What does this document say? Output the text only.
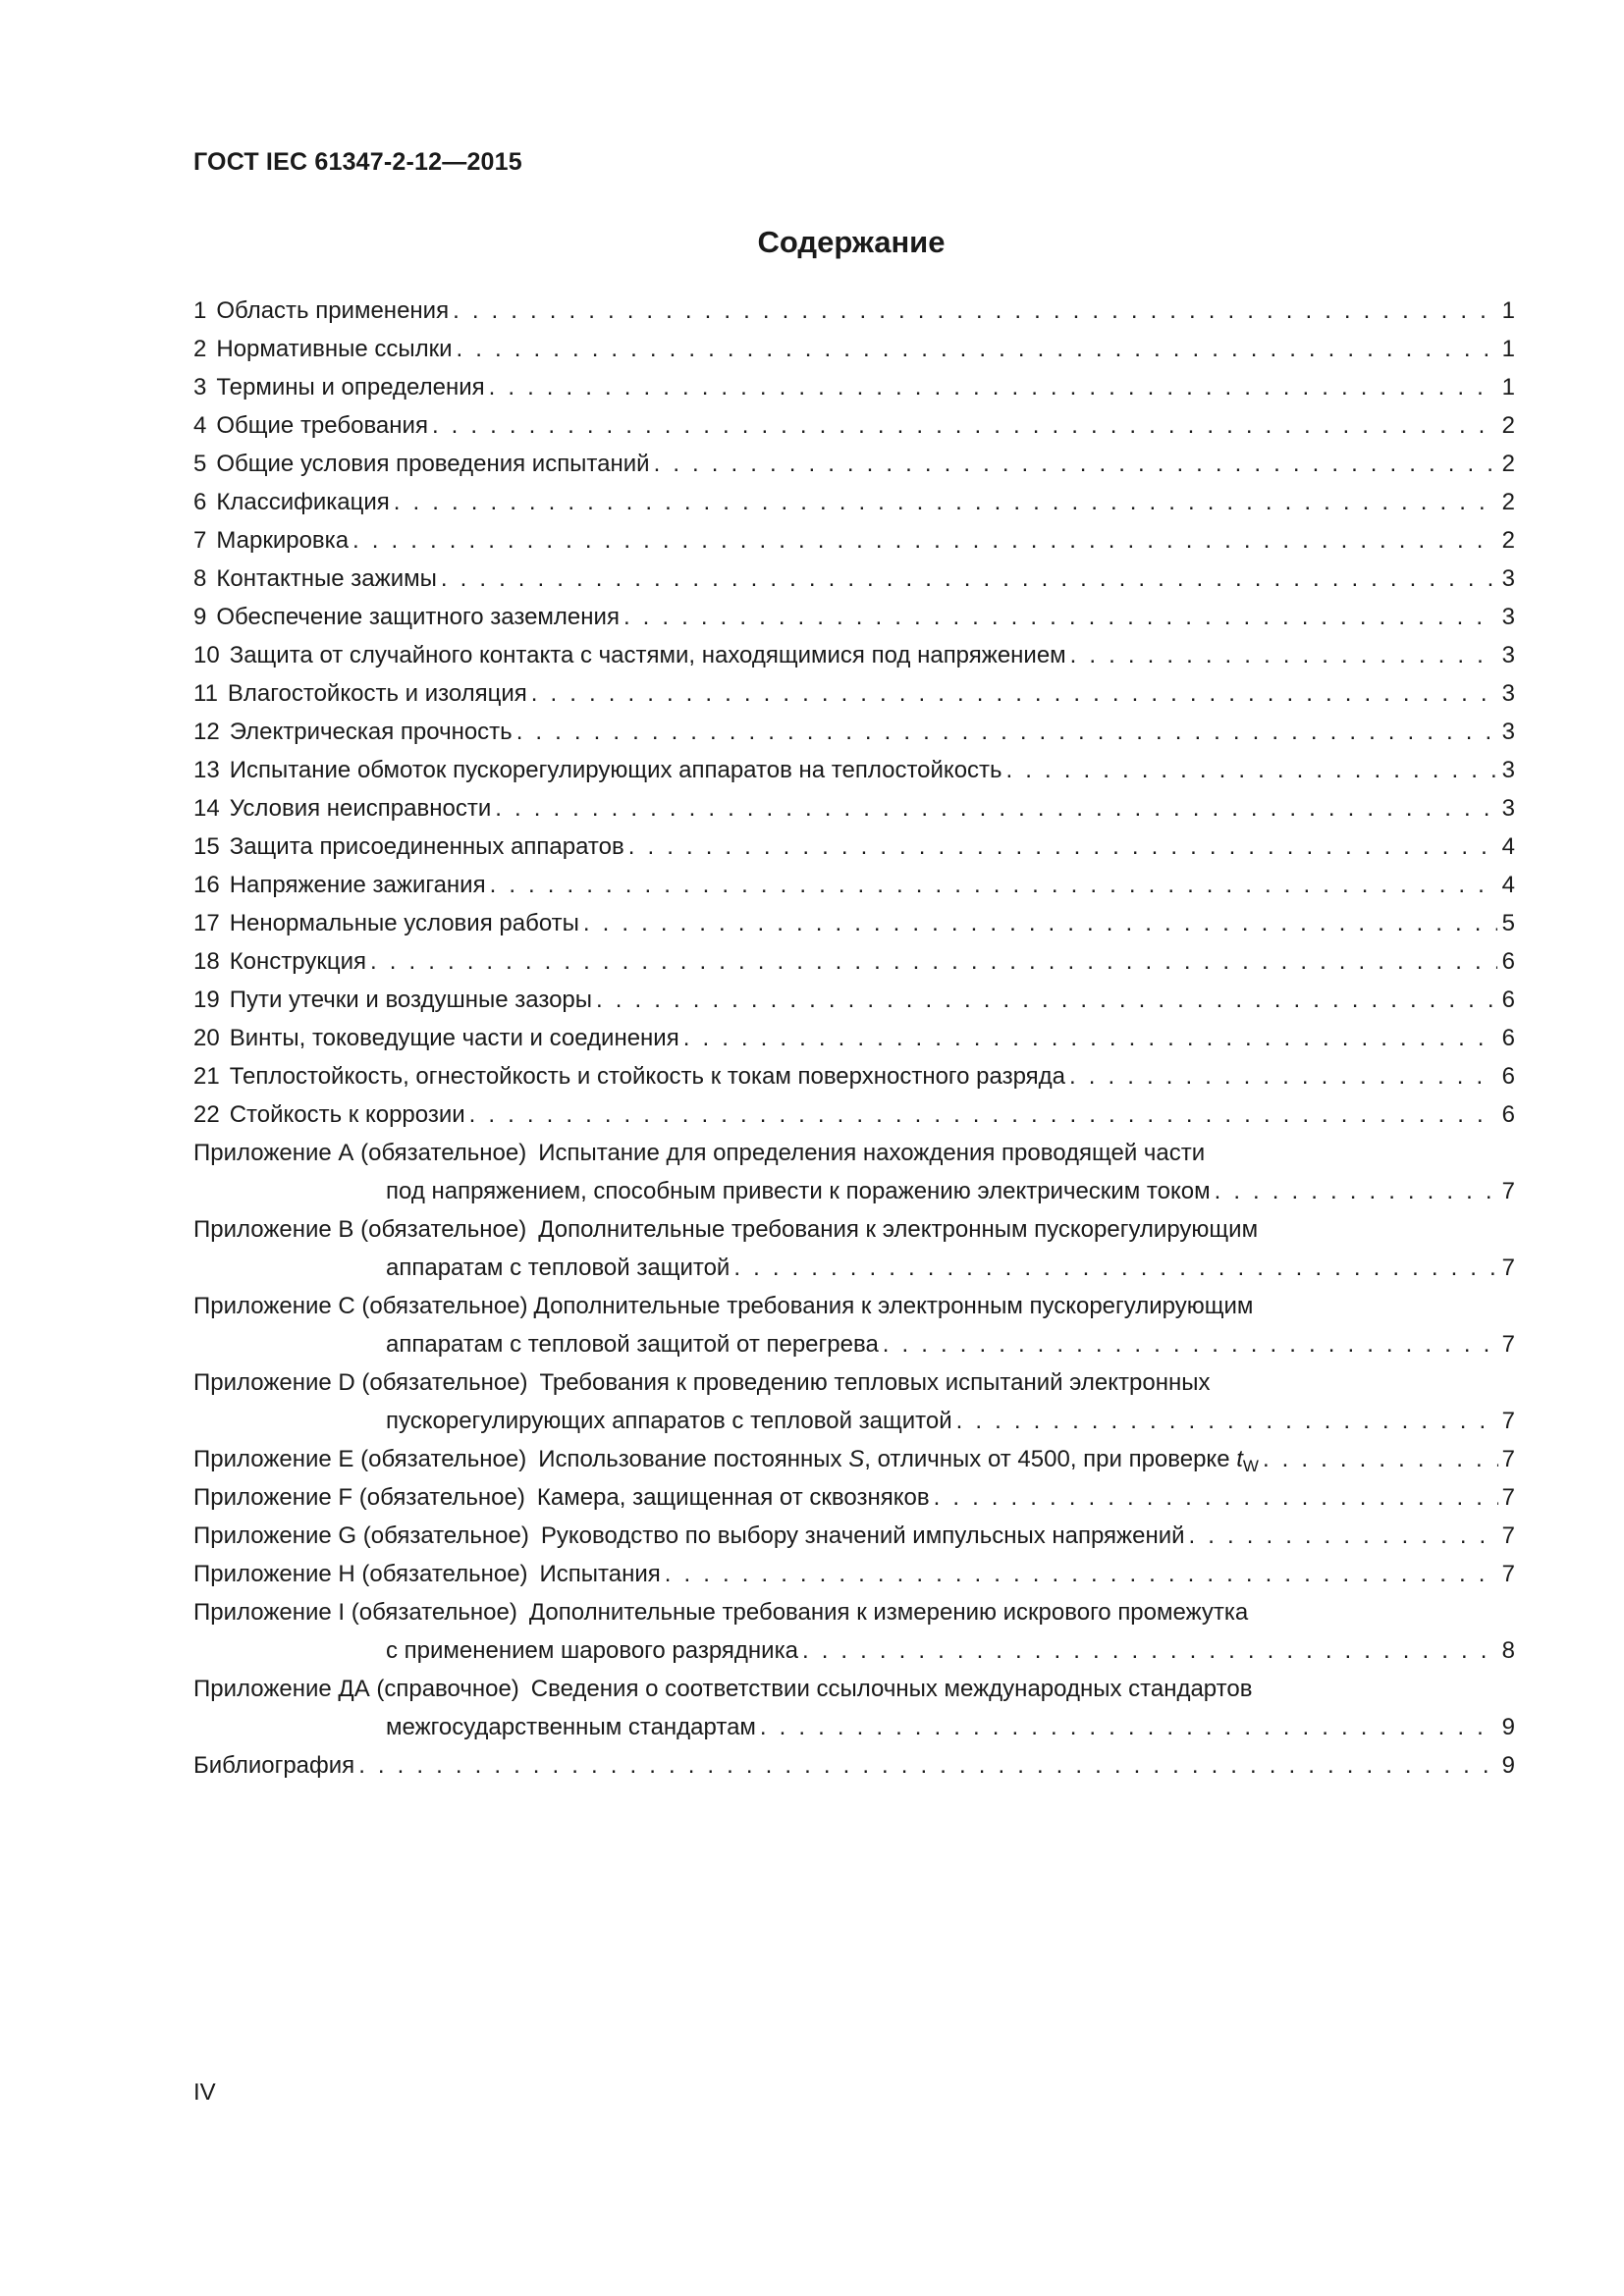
ГОСТ IEC 61347-2-12—2015
Содержание
1 Область применения . . .	1
2 Нормативные ссылки . . .	1
3 Термины и определения . . .	1
4 Общие требования . . .	2
5 Общие условия проведения испытаний . . .	2
6 Классификация . . .	2
7 Маркировка . . .	2
8 Контактные зажимы . . .	3
9 Обеспечение защитного заземления . . .	3
10 Защита от случайного контакта с частями, находящимися под напряжением . . .	3
11 Влагостойкость и изоляция . . .	3
12 Электрическая прочность . . .	3
13 Испытание обмоток пускорегулирующих аппаратов на теплостойкость . . .	3
14 Условия неисправности . . .	3
15 Защита присоединенных аппаратов . . .	4
16 Напряжение зажигания . . .	4
17 Ненормальные условия работы . . .	5
18 Конструкция . . .	6
19 Пути утечки и воздушные зазоры . . .	6
20 Винты, токоведущие части и соединения . . .	6
21 Теплостойкость, огнестойкость и стойкость к токам поверхностного разряда . . .	6
22 Стойкость к коррозии . . .	6
Приложение А (обязательное) Испытание для определения нахождения проводящей части
под напряжением, способным привести к поражению электрическим током . . .	7
Приложение В (обязательное) Дополнительные требования к электронным пускорегулирующим
аппаратам с тепловой защитой . . .	7
Приложение С (обязательное) Дополнительные требования к электронным пускорегулирующим
аппаратам с тепловой защитой от перегрева . . .	7
Приложение D (обязательное) Требования к проведению тепловых испытаний электронных
пускорегулирующих аппаратов с тепловой защитой . . .	7
Приложение Е (обязательное) Использование постоянных S, отличных от 4500, при проверке $t_W$ . . .	7
Приложение F (обязательное) Камера, защищенная от сквозняков . . .	7
Приложение G (обязательное) Руководство по выбору значений импульсных напряжений . . .	7
Приложение Н (обязательное) Испытания . . .	7
Приложение I (обязательное) Дополнительные требования к измерению искрового промежутка
с применением шарового разрядника . . .	8
Приложение ДА (справочное) Сведения о соответствии ссылочных международных стандартов
межгосударственным стандартам . . .	9
Библиография . . .	9
IV
